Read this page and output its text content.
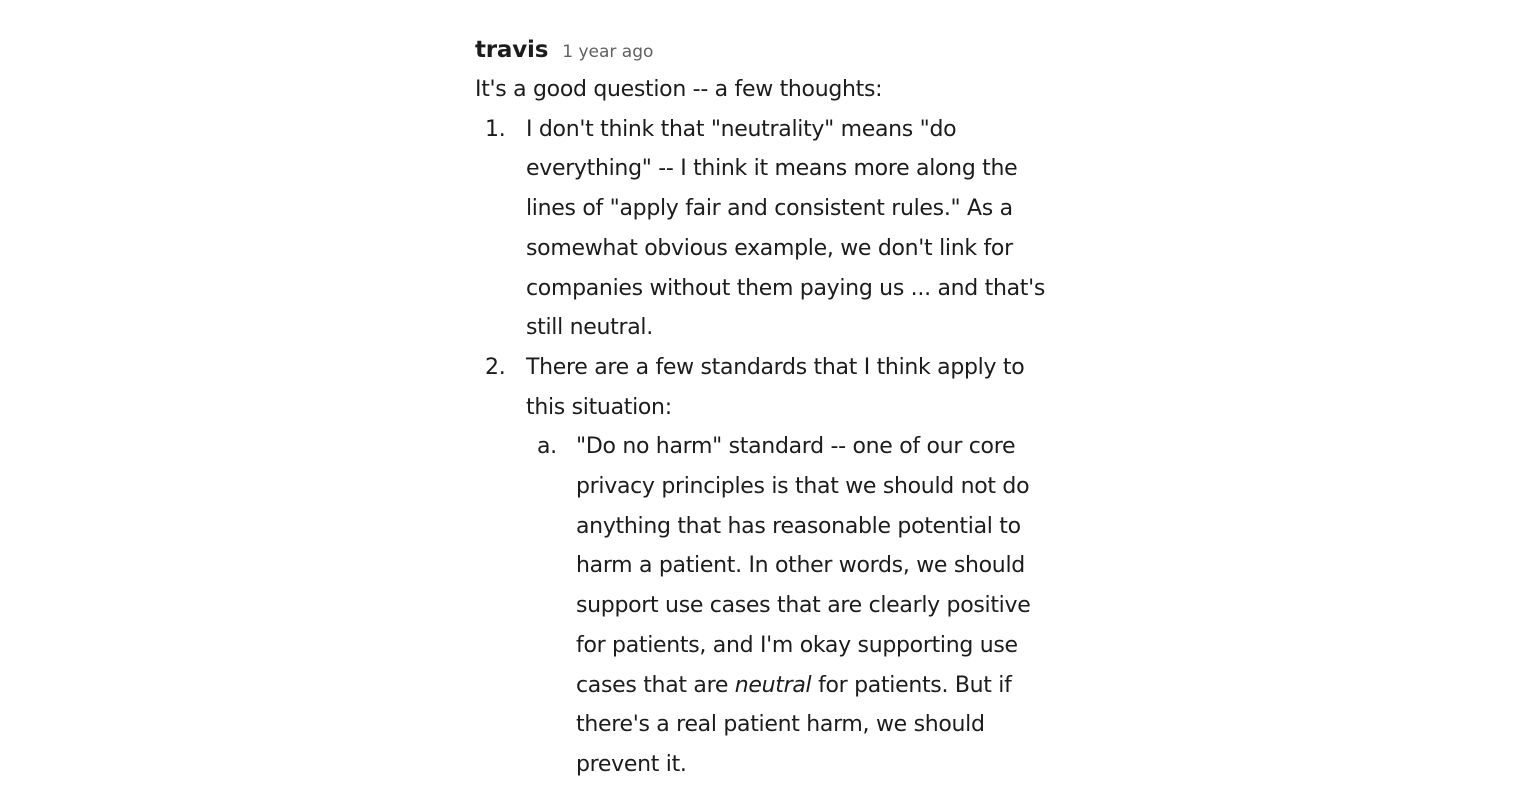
travis 1 year ago

It's a good question -- a few thoughts:

1. I don't think that "neutrality" means "do everything" -- I think it means more along the lines of "apply fair and consistent rules." As a somewhat obvious example, we don't link for companies without them paying us ... and that's still neutral.
2. There are a few standards that I think apply to this situation:
a. "Do no harm" standard -- one of our core privacy principles is that we should not do anything that has reasonable potential to harm a patient. In other words, we should support use cases that are clearly positive for patients, and I'm okay supporting use cases that are neutral for patients. But if there's a real patient harm, we should prevent it.
